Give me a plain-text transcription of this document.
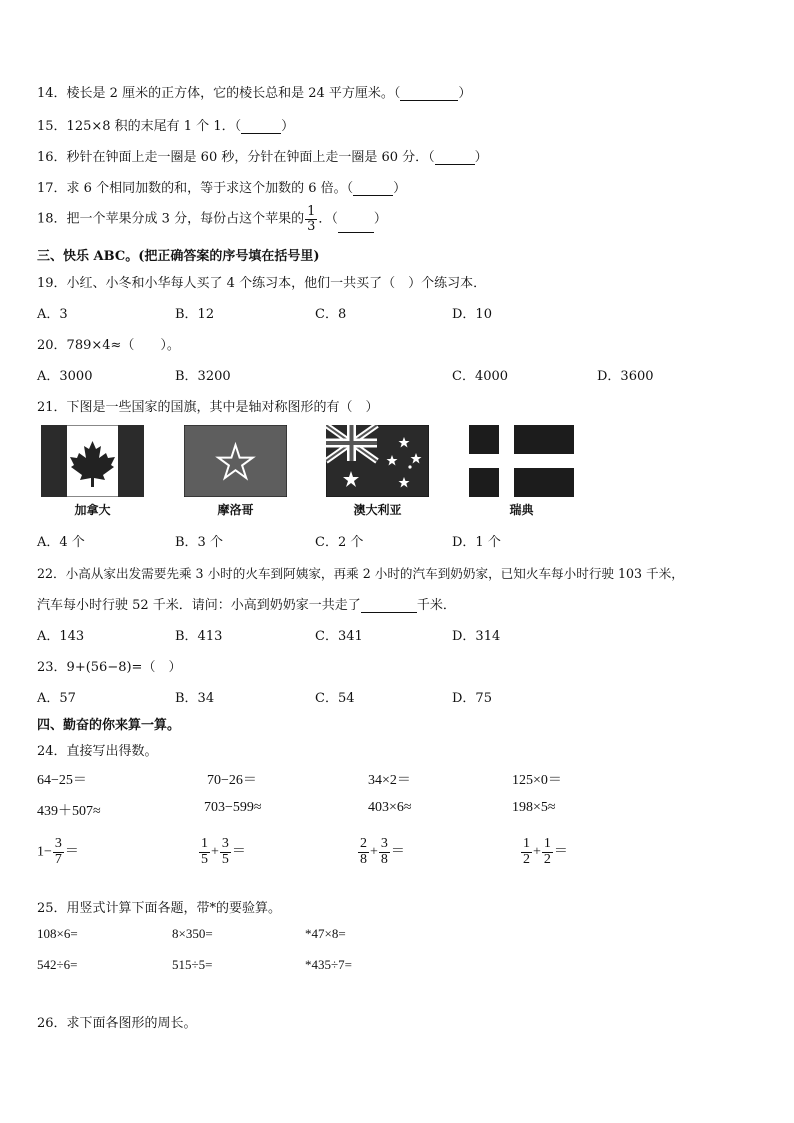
14．棱长是 2 厘米的正方体，它的棱长总和是 24 平方厘米。（	）
15．125×8 积的末尾有 1 个 1．（	）
16．秒针在钟面上走一圈是 60 秒，分针在钟面上走一圈是 60 分．（	）
17．求 6 个相同加数的和，等于求这个加数的 6 倍。（	）
18．把一个苹果分成 3 分，每份占这个苹果的 $\frac{1}{3}$ ．（	）
三、快乐 ABC。(把正确答案的序号填在括号里)
19．小红、小冬和小华每人买了 4 个练习本，他们一共买了（　）个练习本．
A．3	B．12	C．8	D．10
20．789×4≈（　　）。
A．3000	B．3200	C．4000	D．3600
21．下图是一些国家的国旗，其中是轴对称图形的有（　）
加拿大	摩洛哥	澳大利亚	瑞典
A．4 个	B．3 个	C．2 个	D．1 个
22．小高从家出发需要先乘 3 小时的火车到阿姨家，再乘 2 小时的汽车到奶奶家，已知火车每小时行驶 103 千米，
汽车每小时行驶 52 千米．请问：小高到奶奶家一共走了	千米．
A．143	B．413	C．341	D．314
23．9+(56−8)=（　）
A．57	B．34	C．54	D．75
四、勤奋的你来算一算。
24．直接写出得数。
64−25＝	70−26＝	34×2＝	125×0＝
439＋507≈	703−599≈	403×6≈	198×5≈
$1- \frac{3}{7}$ ＝	$\frac{1}{5} + \frac{3}{5}$ ＝	$\frac{2}{8} + \frac{3}{8}$ ＝	$\frac{1}{2} + \frac{1}{2}$ ＝
25．用竖式计算下面各题，带*的要验算。
108×6=	8×350=	*47×8=
542÷6=	515÷5=	*435÷7=
26．求下面各图形的周长。
